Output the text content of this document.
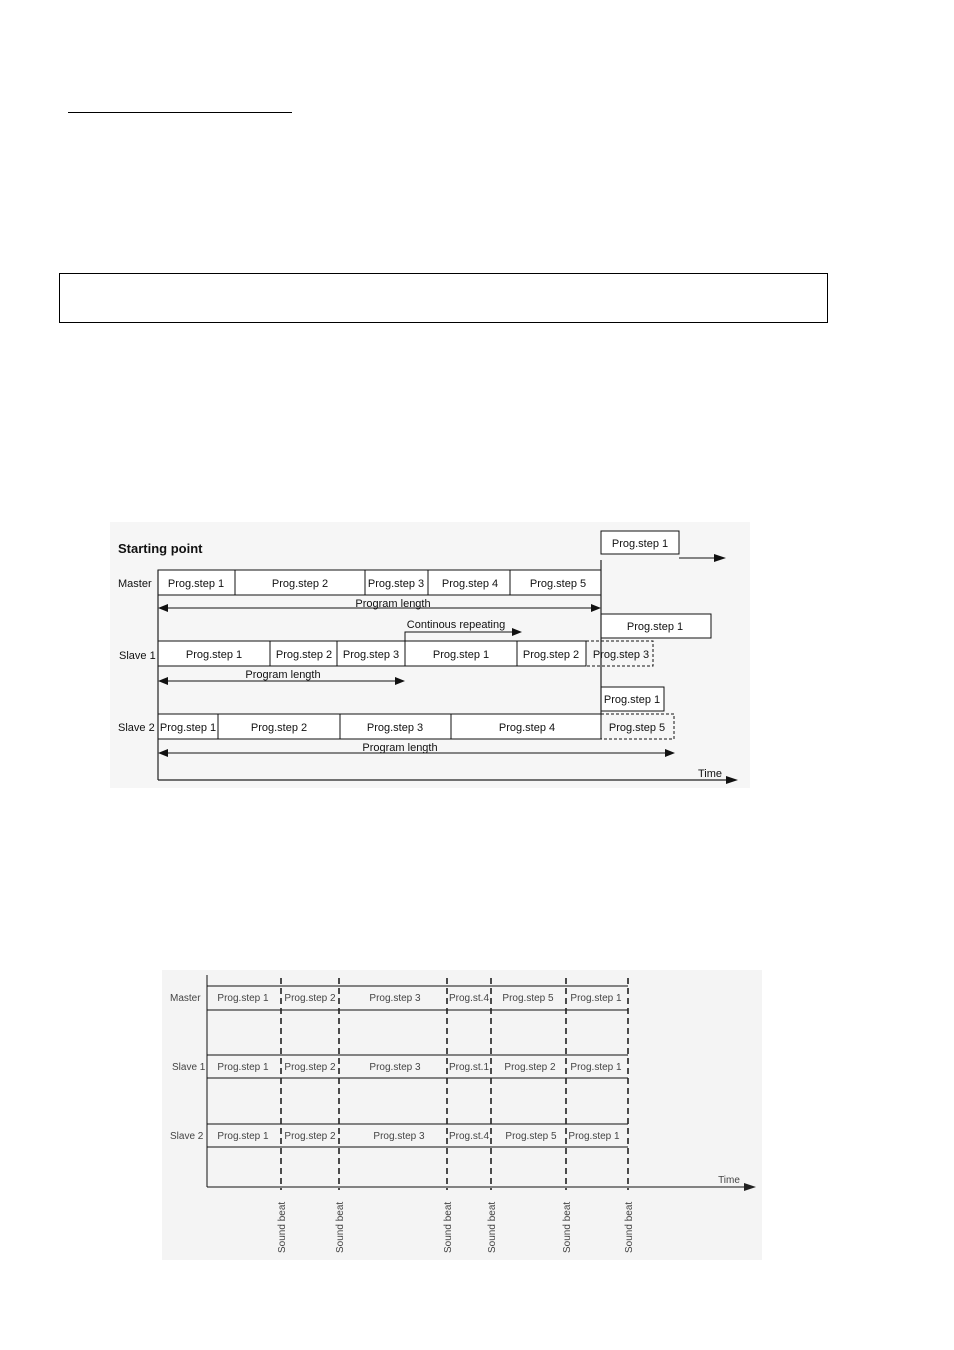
Starting point
Master Prog.step 1	Prog.step 2	Prog.step 3 Prog.step 4	Prog.step 5
Prog.step 1
Program length
Slave 1	Prog.step 1	Prog.step 2 Prog.step 3	Prog.step 1	Prog.step 2 Prog.step 3
Prog.step 1
Continous repeating
Program length
Slave 2 Prog.step 1	Prog.step 2	Prog.step 3	Prog.step 4	Prog.step 5
Prog.step 1
Program length
Time
Time
Master
Slave 1
Slave 2
Prog.step 1 Prog.step 2	Prog.step 3	Prog.st.4 Prog.step 5 Prog.step 1
Prog.step 1 Prog.step 2	Prog.step 3	Prog.st.1 Prog.step 2 Prog.step 1
Prog.step 1 Prog.step 2	Prog.step 3 Prog.st.4 Prog.step 5 Prog.step 1
Sound beat	Sound beat	Sound beat	Sound beat	Sound beat	Sound beat
